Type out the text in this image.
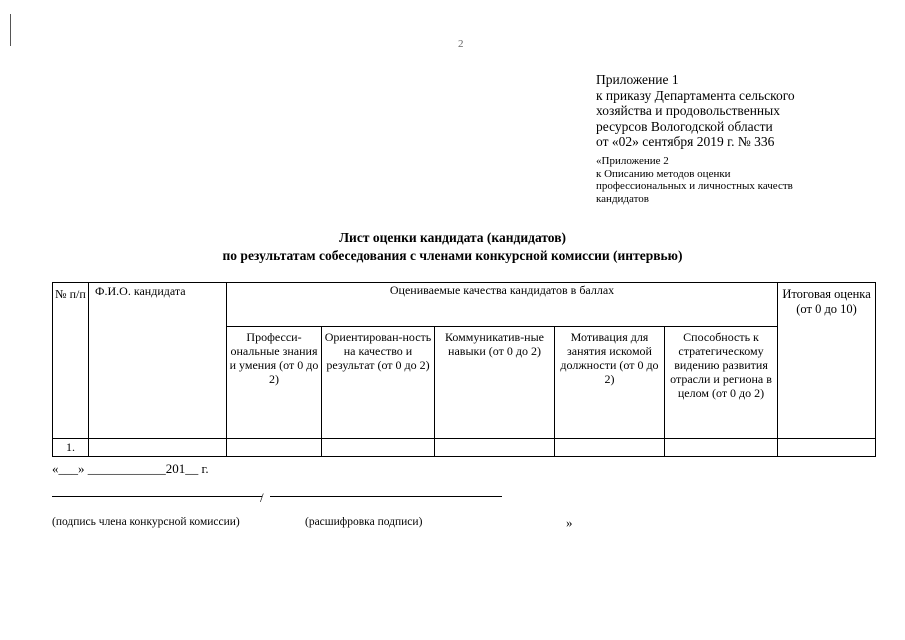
2
Приложение 1
к приказу Департамента сельского
хозяйства и продовольственных
ресурсов Вологодской области
от «02» сентября 2019 г. № 336
«Приложение 2
к Описанию методов оценки
профессиональных и личностных качеств
кандидатов
Лист оценки кандидата (кандидатов)
по результатам собеседования с членами конкурсной комиссии (интервью)
№ п/п	Ф.И.О. кандидата	Оцениваемые качества кандидатов в баллах					Итоговая оценка (от 0 до 10)
		Професси-ональные знания и умения (от 0 до 2)	Ориентирован-ность на качество и результат (от 0 до 2)	Коммуникатив-ные навыки (от 0 до 2)	Мотивация для занятия искомой должности (от 0 до 2)	Способность к стратегическому видению развития отрасли и региона в целом (от 0 до 2)	
1.							
«___» ____________201__ г.
/
(подпись члена конкурсной комиссии)	(расшифровка подписи)	»
